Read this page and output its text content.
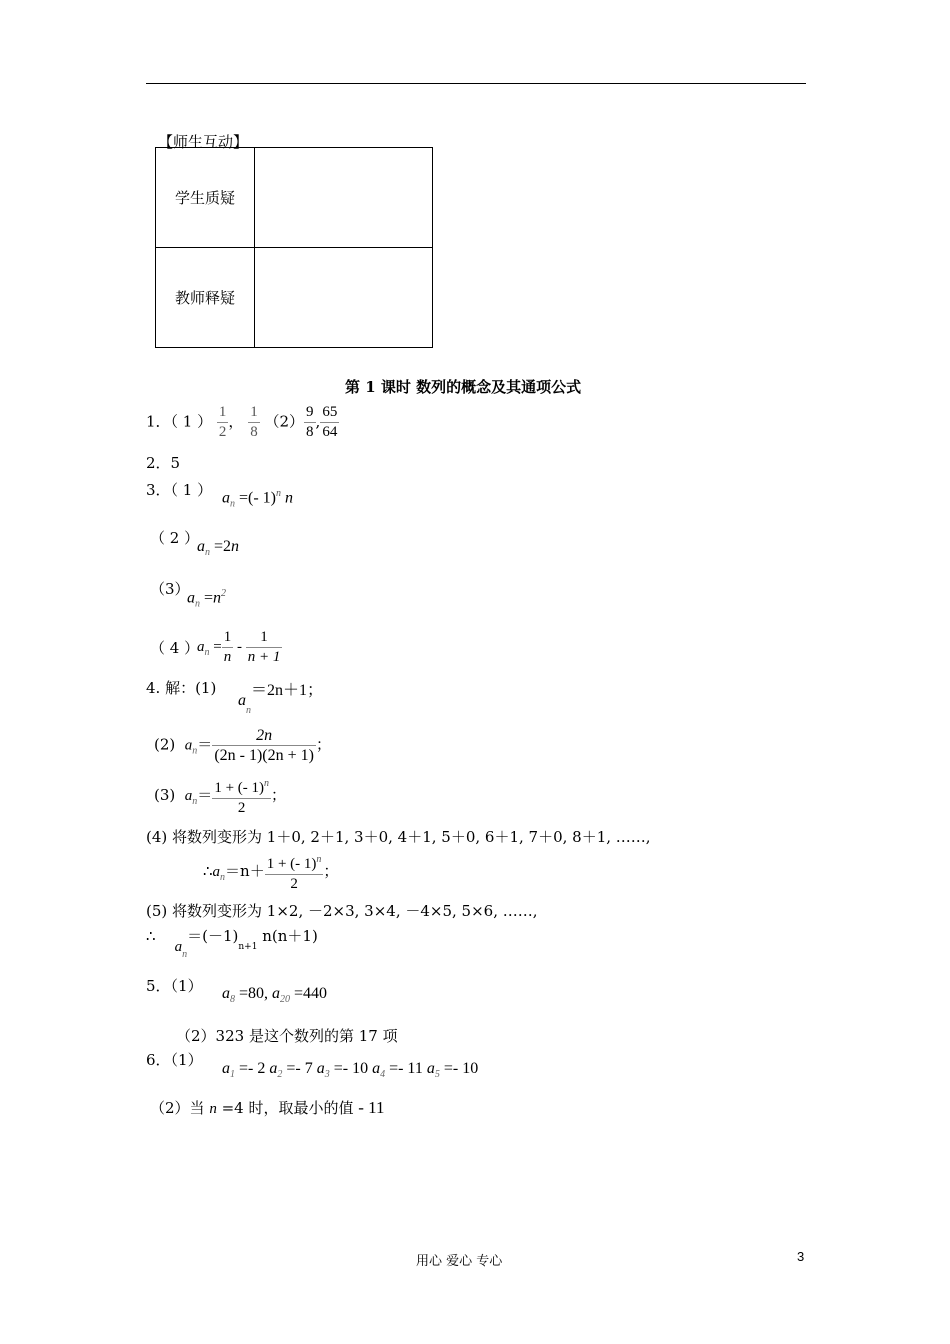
【师生互动】
学生质疑	
教师释疑	
第 1 课时 数列的概念及其通项公式
1．（ 1 ） $\frac{1}{2}$ ， $\frac{1}{8} (2) \frac{9}{8}$ , $\frac{65}{64}$
2．5
3．（ 1 ） $a_n$ =(- 1)$^n$ n
（ 2 ）
$a_n =2n$
（3）
$a_n =n^2$
（ 4 ）
$a_n = \frac{1}{n} - \frac{1}{n + 1}$
4. 解：(1)
$a_n=2n+1$；
(2) $a_n= \frac{2n}{(2n - 1)(2n + 1)}$ ；
(3) $a_n= \frac{1 + (- 1)^n}{2}$ ；
(4) 将数列变形为 1＋0, 2＋1, 3＋0, 4＋1, 5＋0, 6＋1, 7＋0, 8＋1, ……,
$\therefore a_n=n+ \frac{1 + (- 1)^n}{2}$ ；
(5) 将数列变形为 1×2, －2×3, 3×4, －4×5, 5×6, ……,
∴    $a_n=(-1)_{n+1}$ n(n＋1)
5．（1） $a_8 =80$, $a_{20} =440$
（2）323 是这个数列的第 17 项
6．（1） $a_1 =- 2$ $a_2 =- 7$ $a_3 =- 10$ $a_4 =- 11$ $a_5 =- 10$
（2）当 n =4 时，取最小的值 - 11
用心 爱心 专心	3
